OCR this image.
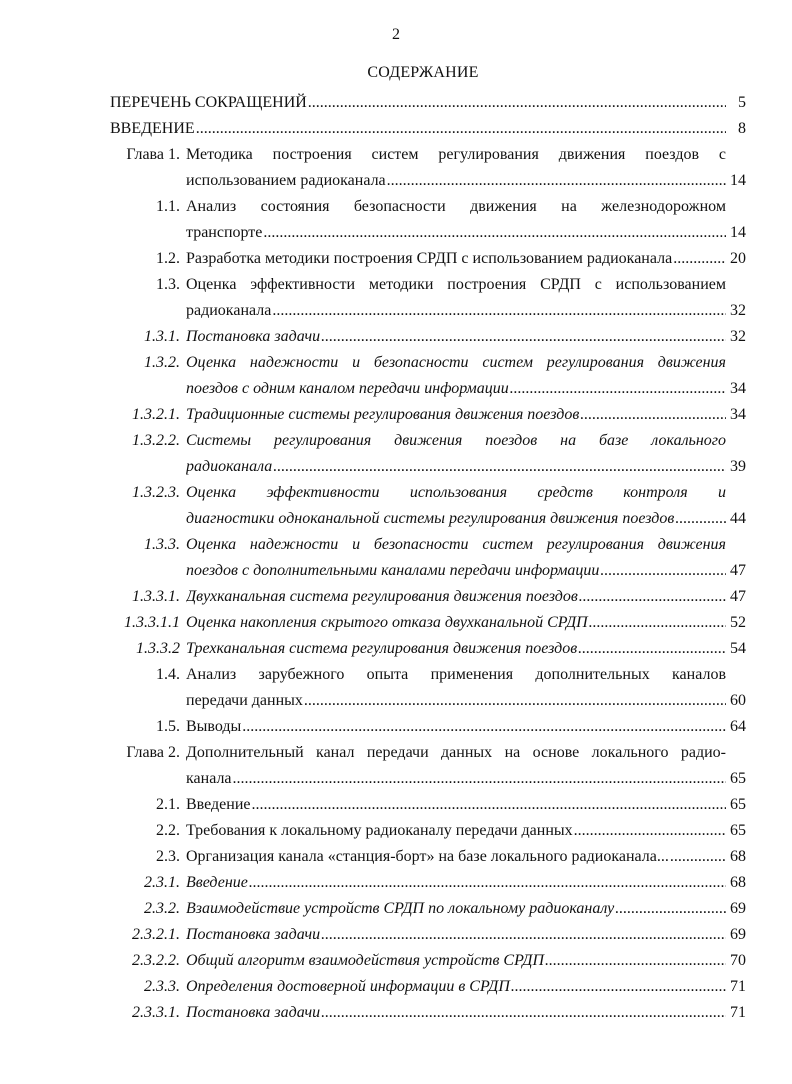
2
СОДЕРЖАНИЕ
ПЕРЕЧЕНЬ СОКРАЩЕНИЙ .....	5
ВВЕДЕНИЕ .....	8
Глава 1. Методика построения систем регулирования движения поездов с
использованием радиоканала .....	14
1.1. Анализ состояния безопасности движения на железнодорожном
транспорте .....	14
1.2. Разработка методики построения СРДП с использованием радиоканала .....	20
1.3. Оценка эффективности методики построения СРДП с использованием
радиоканала .....	32
1.3.1. Постановка задачи .....	32
1.3.2. Оценка надежности и безопасности систем регулирования движения
поездов с одним каналом передачи информации .....	34
1.3.2.1. Традиционные системы регулирования движения поездов .....	34
1.3.2.2. Системы регулирования движения поездов на базе локального
радиоканала .....	39
1.3.2.3. Оценка эффективности использования средств контроля и
диагностики одноканальной системы регулирования движения поездов .....	44
1.3.3. Оценка надежности и безопасности систем регулирования движения
поездов с дополнительными каналами передачи информации .....	47
1.3.3.1. Двухканальная система регулирования движения поездов .....	47
1.3.3.1.1 Оценка накопления скрытого отказа двухканальной СРДП .....	52
1.3.3.2 Трехканальная система регулирования движения поездов .....	54
1.4. Анализ зарубежного опыта применения дополнительных каналов
передачи данных .....	60
1.5. Выводы .....	64
Глава 2. Дополнительный канал передачи данных на основе локального радио-
канала .....	65
2.1. Введение .....	65
2.2. Требования к локальному радиоканалу передачи данных .....	65
2.3. Организация канала «станция-борт» на базе локального радиоканала... .....	68
2.3.1. Введение .....	68
2.3.2. Взаимодействие устройств СРДП по локальному радиоканалу .....	69
2.3.2.1. Постановка задачи .....	69
2.3.2.2. Общий алгоритм взаимодействия устройств СРДП .....	70
2.3.3. Определения достоверной информации в СРДП .....	71
2.3.3.1. Постановка задачи .....	71
